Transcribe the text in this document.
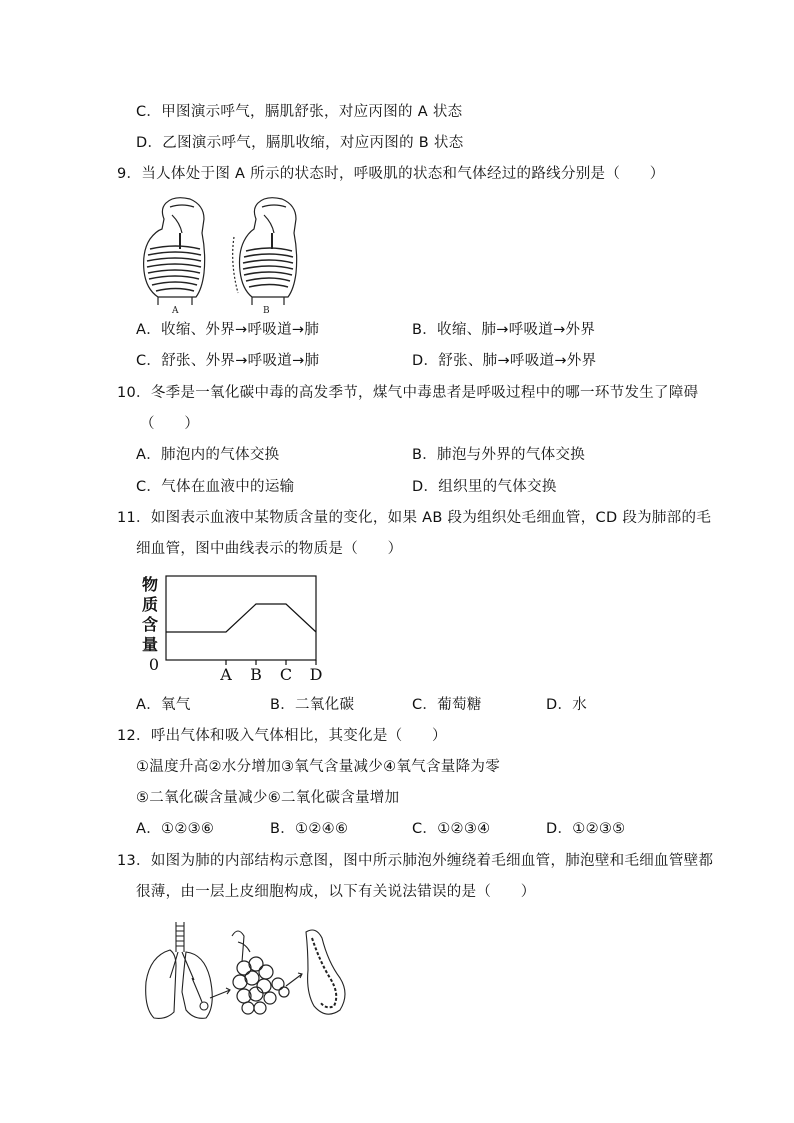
C．甲图演示呼气，膈肌舒张，对应丙图的 A 状态
D．乙图演示呼气，膈肌收缩，对应丙图的 B 状态
9．当人体处于图 A 所示的状态时，呼吸肌的状态和气体经过的路线分别是（　　）
A	B
A．收缩、外界→呼吸道→肺	B．收缩、肺→呼吸道→外界
C．舒张、外界→呼吸道→肺	D．舒张、肺→呼吸道→外界
10．冬季是一氧化碳中毒的高发季节，煤气中毒患者是呼吸过程中的哪一环节发生了障碍
（　　）
A．肺泡内的气体交换	B．肺泡与外界的气体交换
C．气体在血液中的运输	D．组织里的气体交换
11．如图表示血液中某物质含量的变化，如果 AB 段为组织处毛细血管，CD 段为肺部的毛
细血管，图中曲线表示的物质是（　　）
物
质
含
量
0
A B C D
A．氧气	B．二氧化碳	C．葡萄糖	D．水
12．呼出气体和吸入气体相比，其变化是（　　）
①温度升高②水分增加③氧气含量减少④氧气含量降为零
⑤二氧化碳含量减少⑥二氧化碳含量增加
A．①②③⑥	B．①②④⑥	C．①②③④	D．①②③⑤
13．如图为肺的内部结构示意图，图中所示肺泡外缠绕着毛细血管，肺泡壁和毛细血管壁都
很薄，由一层上皮细胞构成，以下有关说法错误的是（　　）
